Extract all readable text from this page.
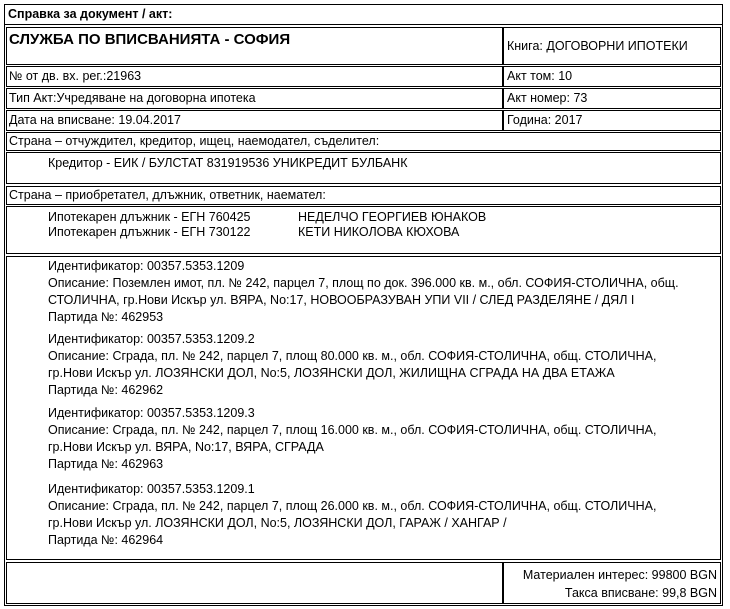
Справка за документ / акт:
СЛУЖБА ПО ВПИСВАНИЯТА - СОФИЯ	Книга: ДОГОВОРНИ ИПОТЕКИ
№ от дв. вх. рег.:21963	Акт том: 10
Тип Акт:Учредяване на договорна ипотека	Акт номер: 73
Дата на вписване: 19.04.2017	Година: 2017
Страна – отчуждител, кредитор, ищец, наемодател, съделител:
Кредитор - ЕИК / БУЛСТАТ 831919536 УНИКРЕДИТ БУЛБАНК
Страна – приобретател, длъжник, ответник, наемател:
Ипотекарен длъжник - ЕГН 760425	НЕДЕЛЧО ГЕОРГИЕВ ЮНАКОВ
Ипотекарен длъжник - ЕГН 730122	КЕТИ НИКОЛОВА КЮХОВА
Идентификатор: 00357.5353.1209
Описание: Поземлен имот, пл. № 242, парцел 7, площ по док. 396.000 кв. м., обл. СОФИЯ-СТОЛИЧНА, общ.
СТОЛИЧНА, гр.Нови Искър ул. ВЯРА, No:17, НОВООБРАЗУВАН УПИ VII / СЛЕД РАЗДЕЛЯНЕ / ДЯЛ I
Партида №: 462953
Идентификатор: 00357.5353.1209.2
Описание: Сграда, пл. № 242, парцел 7, площ 80.000 кв. м., обл. СОФИЯ-СТОЛИЧНА, общ. СТОЛИЧНА,
гр.Нови Искър ул. ЛОЗЯНСКИ ДОЛ, No:5, ЛОЗЯНСКИ ДОЛ, ЖИЛИЩНА СГРАДА НА ДВА ЕТАЖА
Партида №: 462962
Идентификатор: 00357.5353.1209.3
Описание: Сграда, пл. № 242, парцел 7, площ 16.000 кв. м., обл. СОФИЯ-СТОЛИЧНА, общ. СТОЛИЧНА,
гр.Нови Искър ул. ВЯРА, No:17, ВЯРА, СГРАДА
Партида №: 462963
Идентификатор: 00357.5353.1209.1
Описание: Сграда, пл. № 242, парцел 7, площ 26.000 кв. м., обл. СОФИЯ-СТОЛИЧНА, общ. СТОЛИЧНА,
гр.Нови Искър ул. ЛОЗЯНСКИ ДОЛ, No:5, ЛОЗЯНСКИ ДОЛ, ГАРАЖ / ХАНГАР /
Партида №: 462964
Материален интерес: 99800 BGN
Такса вписване: 99,8 BGN
